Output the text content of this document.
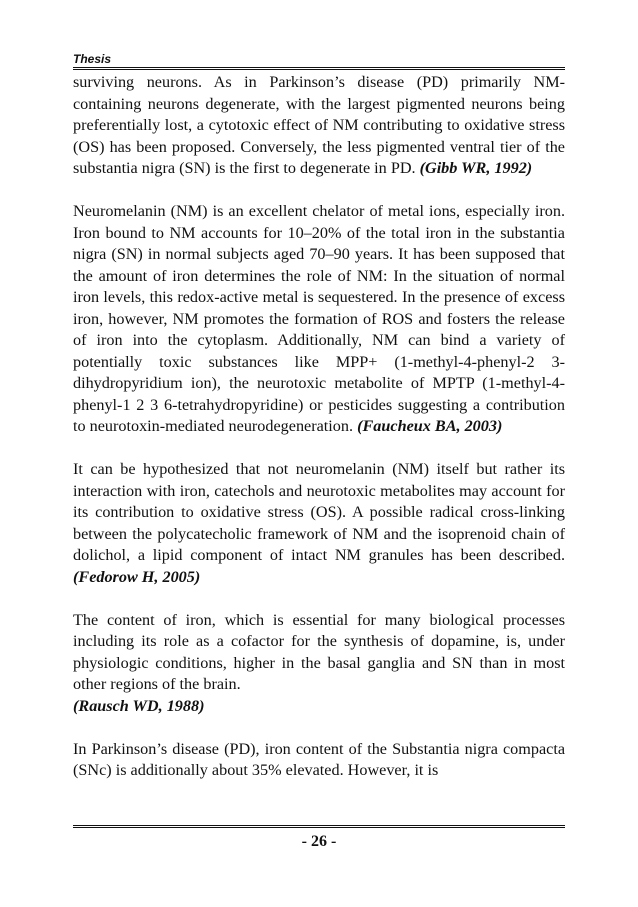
Thesis

surviving neurons. As in Parkinson’s disease (PD) primarily NM-containing neurons degenerate, with the largest pigmented neurons being preferentially lost, a cytotoxic effect of NM contributing to oxidative stress (OS) has been proposed. Conversely, the less pigmented ventral tier of the substantia nigra (SN) is the first to degenerate in PD. (Gibb WR, 1992)

Neuromelanin (NM) is an excellent chelator of metal ions, especially iron. Iron bound to NM accounts for 10–20% of the total iron in the substantia nigra (SN) in normal subjects aged 70–90 years. It has been supposed that the amount of iron determines the role of NM: In the situation of normal iron levels, this redox-active metal is sequestered. In the presence of excess iron, however, NM promotes the formation of ROS and fosters the release of iron into the cytoplasm. Additionally, NM can bind a variety of potentially toxic substances like MPP+ (1-methyl-4-phenyl-2 3-dihydropyridium ion), the neurotoxic metabolite of MPTP (1-methyl-4-phenyl-1 2 3 6-tetrahydropyridine) or pesticides suggesting a contribution to neurotoxin-mediated neurodegeneration. (Faucheux BA, 2003)

It can be hypothesized that not neuromelanin (NM) itself but rather its interaction with iron, catechols and neurotoxic metabolites may account for its contribution to oxidative stress (OS). A possible radical cross-linking between the polycatecholic framework of NM and the isoprenoid chain of dolichol, a lipid component of intact NM granules has been described. (Fedorow H, 2005)

The content of iron, which is essential for many biological processes including its role as a cofactor for the synthesis of dopamine, is, under physiologic conditions, higher in the basal ganglia and SN than in most other regions of the brain.
(Rausch WD, 1988)

In Parkinson’s disease (PD), iron content of the Substantia nigra compacta (SNc) is additionally about 35% elevated. However, it is

- 26 -
